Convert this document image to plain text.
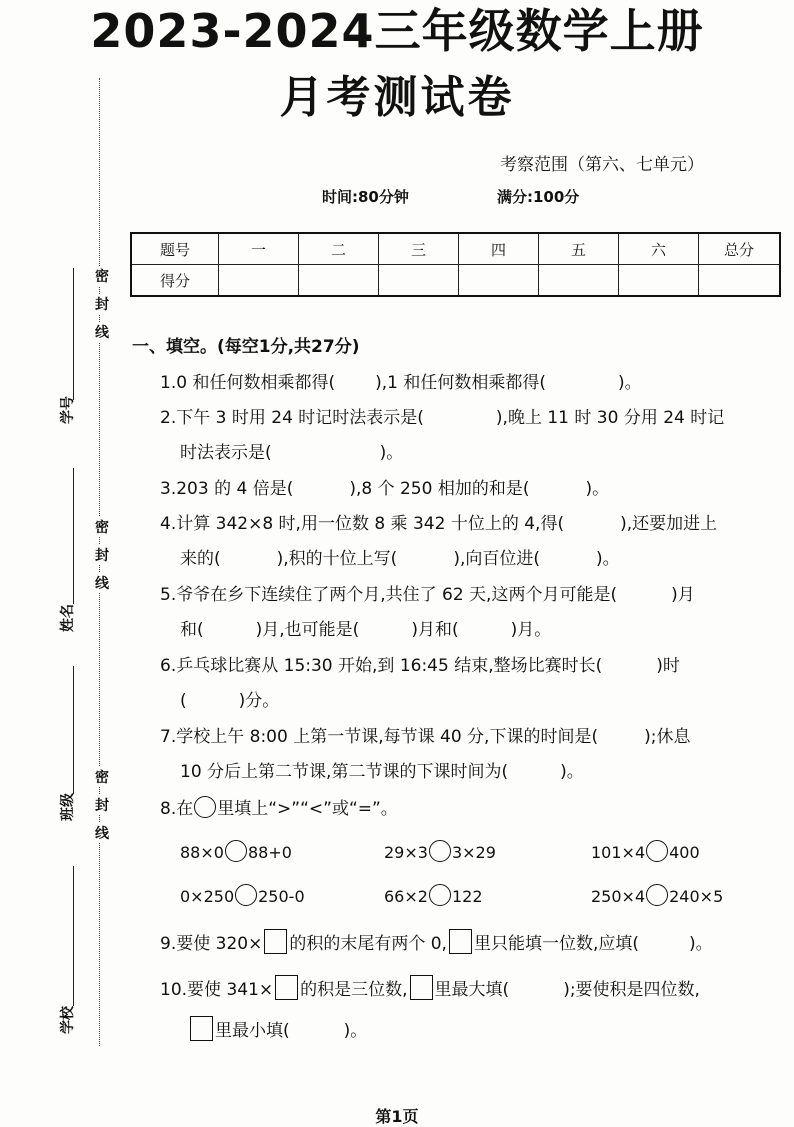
2023-2024三年级数学上册
月考测试卷
考察范围（第六、七单元）
时间:80分钟	满分:100分
题号	一	二	三	四	五	六	总分
得分							
密
封
线
密
封
线
密
封
线
学号
姓名
班级
学校
一、填空。(每空1分,共27分)
1.0 和任何数相乘都得( ),1 和任何数相乘都得(	)。
2.下午 3 时用 24 时记时法表示是(	),晚上 11 时 30 分用 24 时记
时法表示是(	)。
3.203 的 4 倍是(	),8 个 250 相加的和是(	)。
4.计算 342×8 时,用一位数 8 乘 342 十位上的 4,得(	),还要加进上
来的(	),积的十位上写(	),向百位进(	)。
5.爷爷在乡下连续住了两个月,共住了 62 天,这两个月可能是(	)月
和(	)月,也可能是(	)月和(	)月。
6.乒乓球比赛从 15:30 开始,到 16:45 结束,整场比赛时长(	)时
(	)分。
7.学校上午 8:00 上第一节课,每节课 40 分,下课的时间是(	);休息
10 分后上第二节课,第二节课的下课时间为(	)。
8.在 里填上“>”“<”或“=”。
88×0 88+0	29×3 3×29	101×4 400
0×250 250-0	66×2 122	250×4 240×5
9.要使 320× 的积的末尾有两个 0, 里只能填一位数,应填(	)。
10.要使 341× 的积是三位数, 里最大填(	);要使积是四位数,
里最小填(	)。
第1页
